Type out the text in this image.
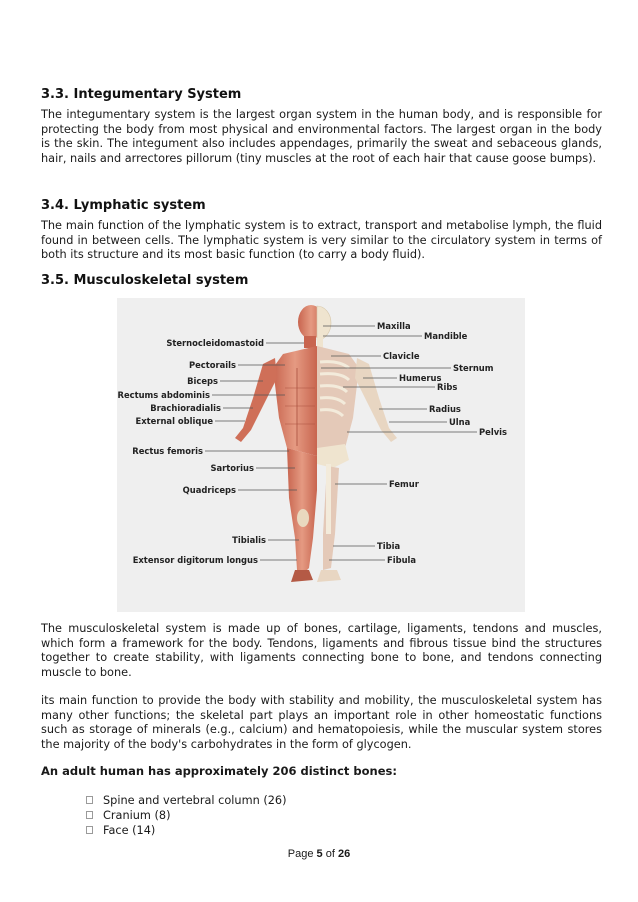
3.3. Integumentary System

The integumentary system is the largest organ system in the human body, and is responsible for protecting the body from most physical and environmental factors. The largest organ in the body is the skin. The integument also includes appendages, primarily the sweat and sebaceous glands, hair, nails and arrectores pillorum (tiny muscles at the root of each hair that cause goose bumps).

3.4. Lymphatic system

The main function of the lymphatic system is to extract, transport and metabolise lymph, the fluid found in between cells. The lymphatic system is very similar to the circulatory system in terms of both its structure and its most basic function (to carry a body fluid).

3.5. Musculoskeletal system
Sternocleidomastoid
Pectorails
Biceps
Rectums abdominis
Brachioradialis
External oblique
Rectus femoris
Sartorius
Quadriceps
Tibialis
Extensor digitorum longus
Maxilla
Mandible
Clavicle
Sternum
Humerus
Ribs
Radius
Ulna
Pelvis
Femur
Tibia
Fibula

The musculoskeletal system is made up of bones, cartilage, ligaments, tendons and muscles, which form a framework for the body. Tendons, ligaments and fibrous tissue bind the structures together to create stability, with ligaments connecting bone to bone, and tendons connecting muscle to bone.

its main function to provide the body with stability and mobility, the musculoskeletal system has many other functions; the skeletal part plays an important role in other homeostatic functions such as storage of minerals (e.g., calcium) and hematopoiesis, while the muscular system stores the majority of the body's carbohydrates in the form of glycogen.

An adult human has approximately 206 distinct bones:

Spine and vertebral column (26)
Cranium (8)
Face (14)
Page 5 of 26
